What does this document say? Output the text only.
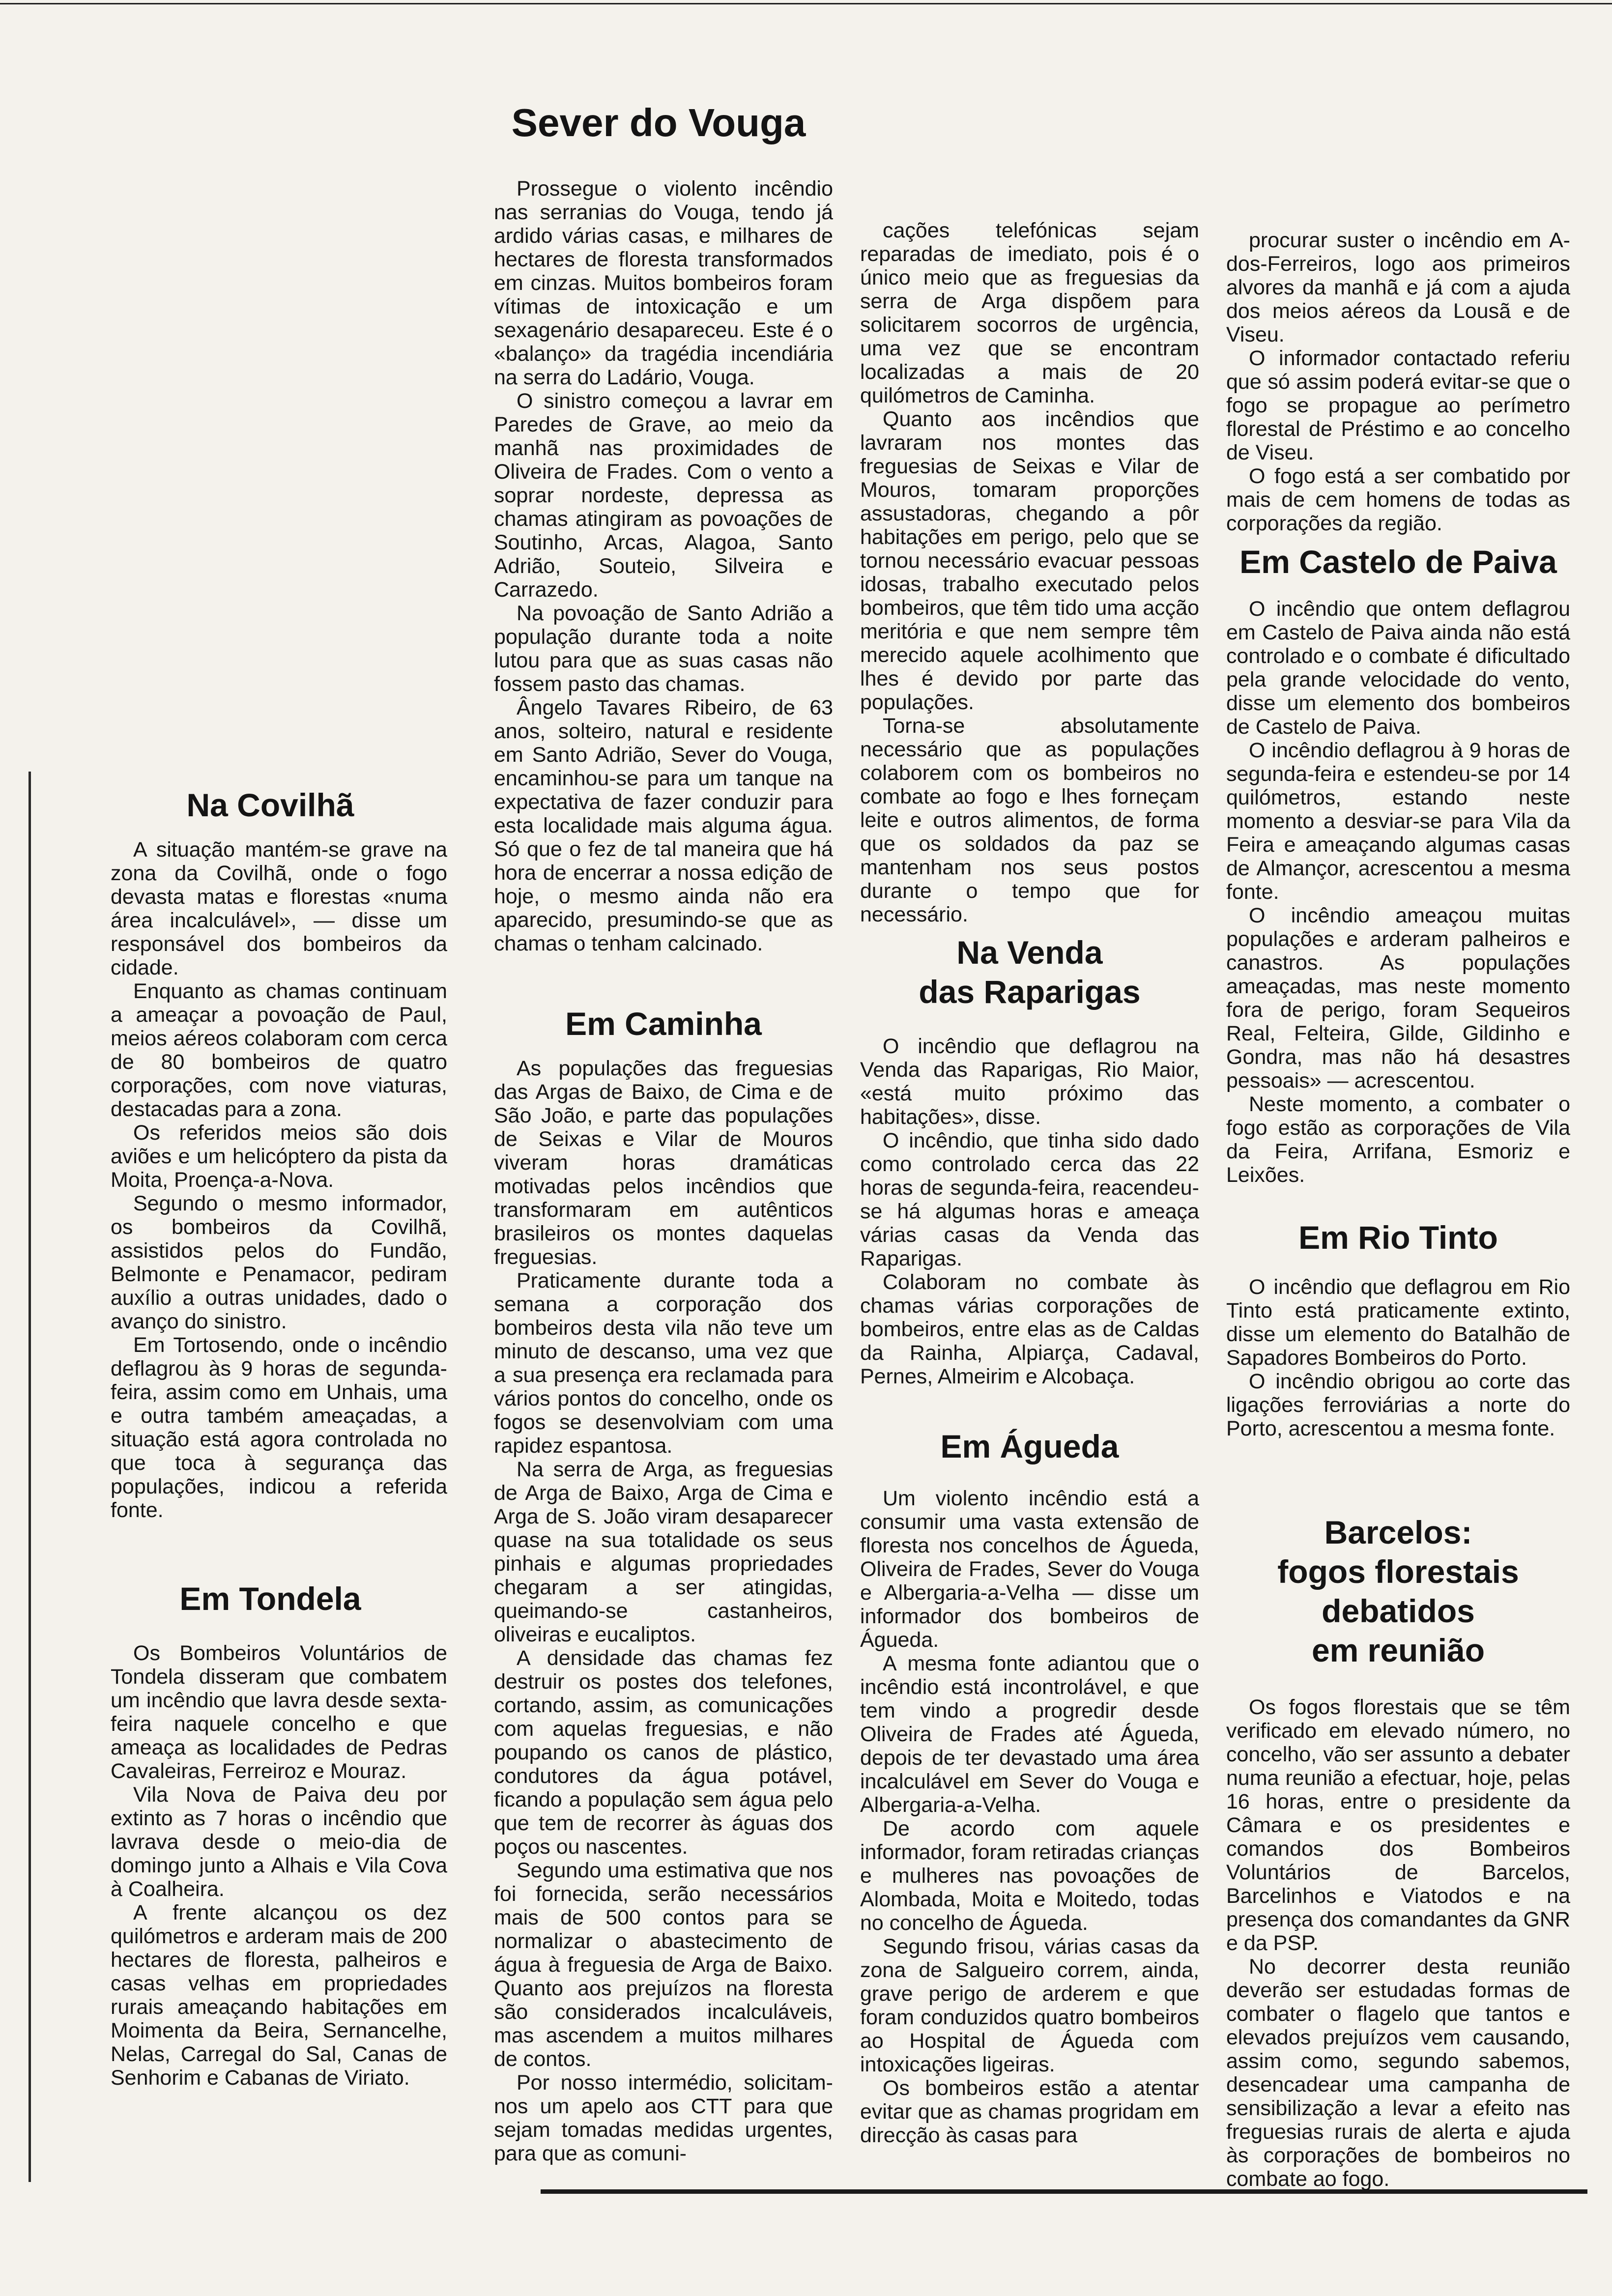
Sever do Vouga
Na Covilhã

A situação mantém-se grave na zona da Covilhã, onde o fogo devasta matas e florestas «numa área incalculável», — disse um responsável dos bombeiros da cidade.

Enquanto as chamas continuam a ameaçar a povoação de Paul, meios aéreos colaboram com cerca de 80 bombeiros de quatro corporações, com nove viaturas, destacadas para a zona.

Os referidos meios são dois aviões e um helicóptero da pista da Moita, Proença-a-Nova.

Segundo o mesmo informador, os bombeiros da Covilhã, assistidos pelos do Fundão, Belmonte e Penamacor, pediram auxílio a outras unidades, dado o avanço do sinistro.

Em Tortosendo, onde o incêndio deflagrou às 9 horas de segunda-feira, assim como em Unhais, uma e outra também ameaçadas, a situação está agora controlada no que toca à segurança das populações, indicou a referida fonte.

Em Tondela

Os Bombeiros Voluntários de Tondela disseram que combatem um incêndio que lavra desde sexta-feira naquele concelho e que ameaça as localidades de Pedras Cavaleiras, Ferreiroz e Mouraz.

Vila Nova de Paiva deu por extinto as 7 horas o incêndio que lavrava desde o meio-dia de domingo junto a Alhais e Vila Cova à Coalheira.

A frente alcançou os dez quilómetros e arderam mais de 200 hectares de floresta, palheiros e casas velhas em propriedades rurais ameaçando habitações em Moimenta da Beira, Sernancelhe, Nelas, Carregal do Sal, Canas de Senhorim e Cabanas de Viriato.

Prossegue o violento incêndio nas serranias do Vouga, tendo já ardido várias casas, e milhares de hectares de floresta transformados em cinzas. Muitos bombeiros foram vítimas de intoxicação e um sexagenário desapareceu. Este é o «balanço» da tragédia incendiária na serra do Ladário, Vouga.

O sinistro começou a lavrar em Paredes de Grave, ao meio da manhã nas proximidades de Oliveira de Frades. Com o vento a soprar nordeste, depressa as chamas atingiram as povoações de Soutinho, Arcas, Alagoa, Santo Adrião, Souteio, Silveira e Carrazedo.

Na povoação de Santo Adrião a população durante toda a noite lutou para que as suas casas não fossem pasto das chamas.

Ângelo Tavares Ribeiro, de 63 anos, solteiro, natural e residente em Santo Adrião, Sever do Vouga, encaminhou-se para um tanque na expectativa de fazer conduzir para esta localidade mais alguma água. Só que o fez de tal maneira que há hora de encerrar a nossa edição de hoje, o mesmo ainda não era aparecido, presumindo-se que as chamas o tenham calcinado.

Em Caminha

As populações das freguesias das Argas de Baixo, de Cima e de São João, e parte das populações de Seixas e Vilar de Mouros viveram horas dramáticas motivadas pelos incêndios que transformaram em autênticos brasileiros os montes daquelas freguesias.

Praticamente durante toda a semana a corporação dos bombeiros desta vila não teve um minuto de descanso, uma vez que a sua presença era reclamada para vários pontos do concelho, onde os fogos se desenvolviam com uma rapidez espantosa.

Na serra de Arga, as freguesias de Arga de Baixo, Arga de Cima e Arga de S. João viram desaparecer quase na sua totalidade os seus pinhais e algumas propriedades chegaram a ser atingidas, queimando-se castanheiros, oliveiras e eucaliptos.

A densidade das chamas fez destruir os postes dos telefones, cortando, assim, as comunicações com aquelas freguesias, e não poupando os canos de plástico, condutores da água potável, ficando a população sem água pelo que tem de recorrer às águas dos poços ou nascentes.

Segundo uma estimativa que nos foi fornecida, serão necessários mais de 500 contos para se normalizar o abastecimento de água à freguesia de Arga de Baixo. Quanto aos prejuízos na floresta são considerados incalculáveis, mas ascendem a muitos milhares de contos.

Por nosso intermédio, solicitam-nos um apelo aos CTT para que sejam tomadas medidas urgentes, para que as comuni-

cações telefónicas sejam reparadas de imediato, pois é o único meio que as freguesias da serra de Arga dispõem para solicitarem socorros de urgência, uma vez que se encontram localizadas a mais de 20 quilómetros de Caminha.

Quanto aos incêndios que lavraram nos montes das freguesias de Seixas e Vilar de Mouros, tomaram proporções assustadoras, chegando a pôr habitações em perigo, pelo que se tornou necessário evacuar pessoas idosas, trabalho executado pelos bombeiros, que têm tido uma acção meritória e que nem sempre têm merecido aquele acolhimento que lhes é devido por parte das populações.

Torna-se absolutamente necessário que as populações colaborem com os bombeiros no combate ao fogo e lhes forneçam leite e outros alimentos, de forma que os soldados da paz se mantenham nos seus postos durante o tempo que for necessário.

Na Venda
das Raparigas

O incêndio que deflagrou na Venda das Raparigas, Rio Maior, «está muito próximo das habitações», disse.

O incêndio, que tinha sido dado como controlado cerca das 22 horas de segunda-feira, reacendeu-se há algumas horas e ameaça várias casas da Venda das Raparigas.

Colaboram no combate às chamas várias corporações de bombeiros, entre elas as de Caldas da Rainha, Alpiarça, Cadaval, Pernes, Almeirim e Alcobaça.

Em Águeda

Um violento incêndio está a consumir uma vasta extensão de floresta nos concelhos de Águeda, Oliveira de Frades, Sever do Vouga e Albergaria-a-Velha — disse um informador dos bombeiros de Águeda.

A mesma fonte adiantou que o incêndio está incontrolável, e que tem vindo a progredir desde Oliveira de Frades até Águeda, depois de ter devastado uma área incalculável em Sever do Vouga e Albergaria-a-Velha.

De acordo com aquele informador, foram retiradas crianças e mulheres nas povoações de Alombada, Moita e Moitedo, todas no concelho de Águeda.

Segundo frisou, várias casas da zona de Salgueiro correm, ainda, grave perigo de arderem e que foram conduzidos quatro bombeiros ao Hospital de Águeda com intoxicações ligeiras.

Os bombeiros estão a atentar evitar que as chamas progridam em direcção às casas para

procurar suster o incêndio em A-dos-Ferreiros, logo aos primeiros alvores da manhã e já com a ajuda dos meios aéreos da Lousã e de Viseu.

O informador contactado referiu que só assim poderá evitar-se que o fogo se propague ao perímetro florestal de Préstimo e ao concelho de Viseu.

O fogo está a ser combatido por mais de cem homens de todas as corporações da região.

Em Castelo de Paiva

O incêndio que ontem deflagrou em Castelo de Paiva ainda não está controlado e o combate é dificultado pela grande velocidade do vento, disse um elemento dos bombeiros de Castelo de Paiva.

O incêndio deflagrou à 9 horas de segunda-feira e estendeu-se por 14 quilómetros, estando neste momento a desviar-se para Vila da Feira e ameaçando algumas casas de Almançor, acrescentou a mesma fonte.

O incêndio ameaçou muitas populações e arderam palheiros e canastros. As populações ameaçadas, mas neste momento fora de perigo, foram Sequeiros Real, Felteira, Gilde, Gildinho e Gondra, mas não há desastres pessoais» — acrescentou.

Neste momento, a combater o fogo estão as corporações de Vila da Feira, Arrifana, Esmoriz e Leixões.

Em Rio Tinto

O incêndio que deflagrou em Rio Tinto está praticamente extinto, disse um elemento do Batalhão de Sapadores Bombeiros do Porto.

O incêndio obrigou ao corte das ligações ferroviárias a norte do Porto, acrescentou a mesma fonte.

Barcelos:
fogos florestais
debatidos
em reunião

Os fogos florestais que se têm verificado em elevado número, no concelho, vão ser assunto a debater numa reunião a efectuar, hoje, pelas 16 horas, entre o presidente da Câmara e os presidentes e comandos dos Bombeiros Voluntários de Barcelos, Barcelinhos e Viatodos e na presença dos comandantes da GNR e da PSP.

No decorrer desta reunião deverão ser estudadas formas de combater o flagelo que tantos e elevados prejuízos vem causando, assim como, segundo sabemos, desencadear uma campanha de sensibilização a levar a efeito nas freguesias rurais de alerta e ajuda às corporações de bombeiros no combate ao fogo.
